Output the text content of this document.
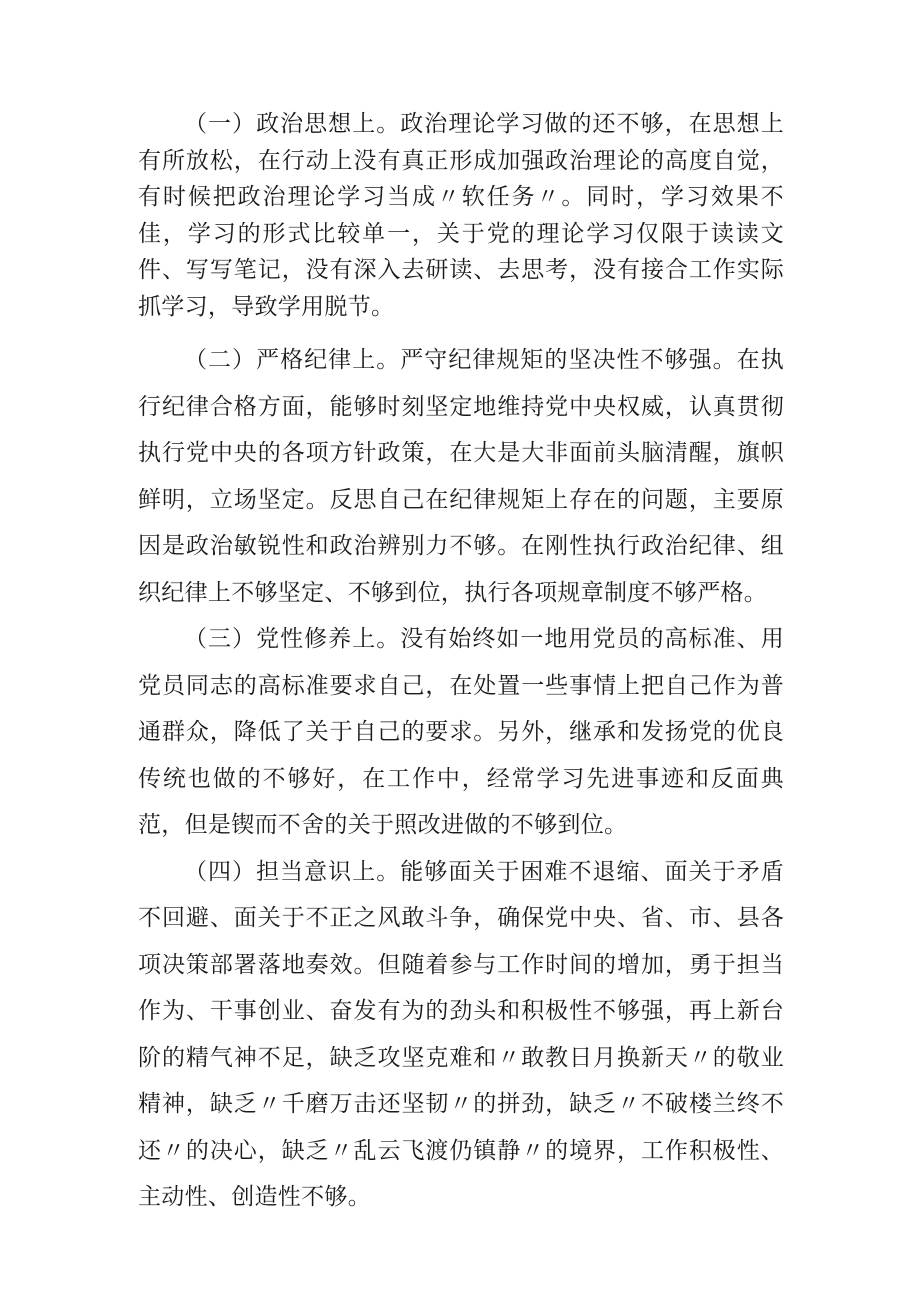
（一）政治思想上。政治理论学习做的还不够，在思想上有所放松，在行动上没有真正形成加强政治理论的高度自觉，有时候把政治理论学习当成〃软任务〃。同时，学习效果不佳，学习的形式比较单一，关于党的理论学习仅限于读读文件、写写笔记，没有深入去研读、去思考，没有接合工作实际抓学习，导致学用脱节。

（二）严格纪律上。严守纪律规矩的坚决性不够强。在执行纪律合格方面，能够时刻坚定地维持党中央权威，认真贯彻执行党中央的各项方针政策，在大是大非面前头脑清醒，旗帜鲜明，立场坚定。反思自己在纪律规矩上存在的问题，主要原因是政治敏锐性和政治辨别力不够。在刚性执行政治纪律、组织纪律上不够坚定、不够到位，执行各项规章制度不够严格。

（三）党性修养上。没有始终如一地用党员的高标准、用党员同志的高标准要求自己，在处置一些事情上把自己作为普通群众，降低了关于自己的要求。另外，继承和发扬党的优良传统也做的不够好，在工作中，经常学习先进事迹和反面典范，但是锲而不舍的关于照改进做的不够到位。

（四）担当意识上。能够面关于困难不退缩、面关于矛盾不回避、面关于不正之风敢斗争，确保党中央、省、市、县各项决策部署落地奏效。但随着参与工作时间的增加，勇于担当作为、干事创业、奋发有为的劲头和积极性不够强，再上新台阶的精气神不足，缺乏攻坚克难和〃敢教日月换新天〃的敬业精神，缺乏〃千磨万击还坚韧〃的拼劲，缺乏〃不破楼兰终不还〃的决心，缺乏〃乱云飞渡仍镇静〃的境界，工作积极性、主动性、创造性不够。
